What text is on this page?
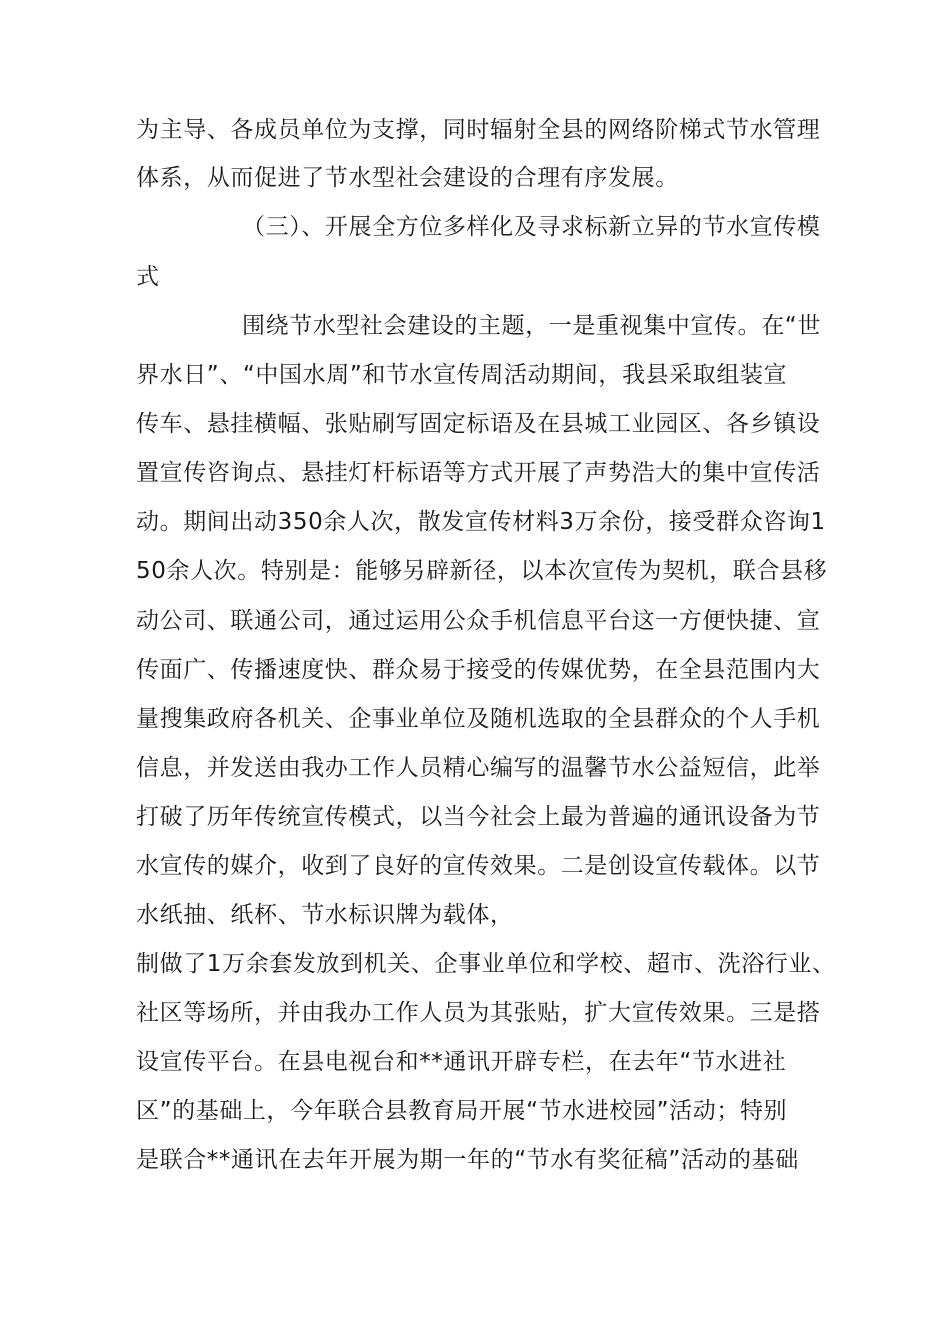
为主导、各成员单位为支撑，同时辐射全县的网络阶梯式节水管理
体系，从而促进了节水型社会建设的合理有序发展。
（三）、开展全方位多样化及寻求标新立异的节水宣传模
式
围绕节水型社会建设的主题，一是重视集中宣传。在“世
界水日”、“中国水周”和节水宣传周活动期间，我县采取组装宣
传车、悬挂横幅、张贴刷写固定标语及在县城工业园区、各乡镇设
置宣传咨询点、悬挂灯杆标语等方式开展了声势浩大的集中宣传活
动。期间出动350余人次，散发宣传材料3万余份，接受群众咨询1
50余人次。特别是：能够另辟新径，以本次宣传为契机，联合县移
动公司、联通公司，通过运用公众手机信息平台这一方便快捷、宣
传面广、传播速度快、群众易于接受的传媒优势，在全县范围内大
量搜集政府各机关、企事业单位及随机选取的全县群众的个人手机
信息，并发送由我办工作人员精心编写的温馨节水公益短信，此举
打破了历年传统宣传模式，以当今社会上最为普遍的通讯设备为节
水宣传的媒介，收到了良好的宣传效果。二是创设宣传载体。以节
水纸抽、纸杯、节水标识牌为载体，
制做了1万余套发放到机关、企事业单位和学校、超市、洗浴行业、
社区等场所，并由我办工作人员为其张贴，扩大宣传效果。三是搭
设宣传平台。在县电视台和**通讯开辟专栏，在去年“节水进社
区”的基础上，今年联合县教育局开展“节水进校园”活动；特别
是联合**通讯在去年开展为期一年的“节水有奖征稿”活动的基础
